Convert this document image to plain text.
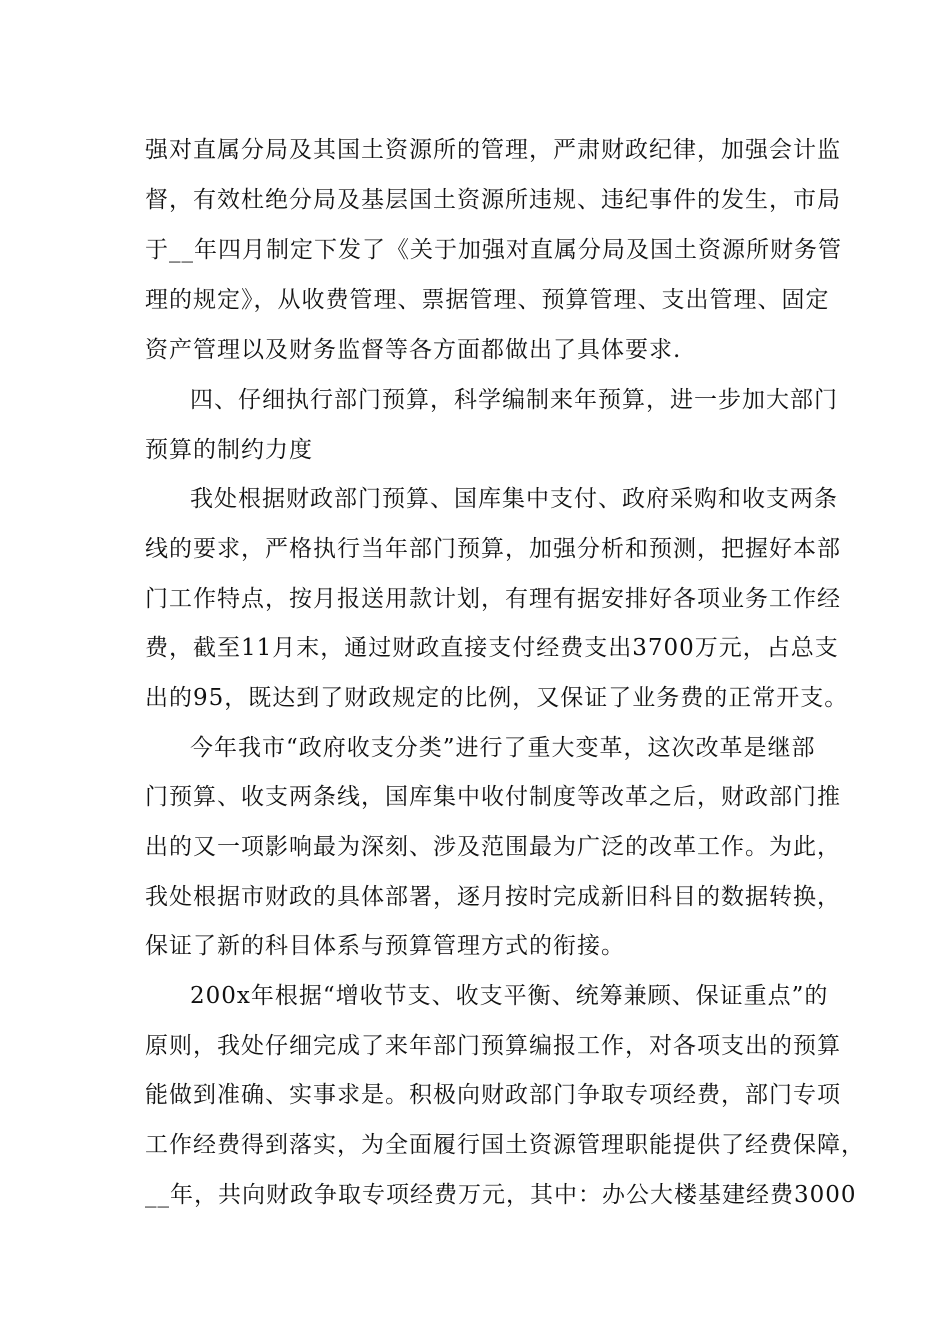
强对直属分局及其国土资源所的管理，严肃财政纪律，加强会计监
督，有效杜绝分局及基层国土资源所违规、违纪事件的发生，市局
于__年四月制定下发了《关于加强对直属分局及国土资源所财务管
理的规定》，从收费管理、票据管理、预算管理、支出管理、固定
资产管理以及财务监督等各方面都做出了具体要求.
四、仔细执行部门预算，科学编制来年预算，进一步加大部门
预算的制约力度
我处根据财政部门预算、国库集中支付、政府采购和收支两条
线的要求，严格执行当年部门预算，加强分析和预测，把握好本部
门工作特点，按月报送用款计划，有理有据安排好各项业务工作经
费，截至11月末，通过财政直接支付经费支出3700万元，占总支
出的95，既达到了财政规定的比例，又保证了业务费的正常开支。
今年我市“政府收支分类”进行了重大变革，这次改革是继部
门预算、收支两条线，国库集中收付制度等改革之后，财政部门推
出的又一项影响最为深刻、涉及范围最为广泛的改革工作。为此，
我处根据市财政的具体部署，逐月按时完成新旧科目的数据转换，
保证了新的科目体系与预算管理方式的衔接。
200x年根据“增收节支、收支平衡、统筹兼顾、保证重点”的
原则，我处仔细完成了来年部门预算编报工作，对各项支出的预算
能做到准确、实事求是。积极向财政部门争取专项经费，部门专项
工作经费得到落实，为全面履行国土资源管理职能提供了经费保障，
__年，共向财政争取专项经费万元，其中：办公大楼基建经费3000
